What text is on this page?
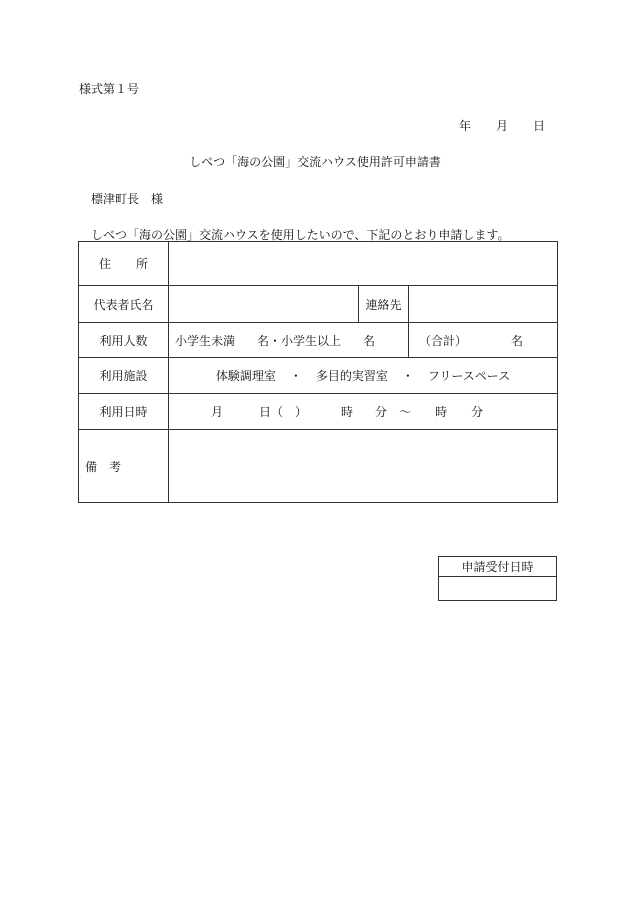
様式第１号
年 月 日
しべつ「海の公園」交流ハウス使用許可申請書
標津町長　様
しべつ「海の公園」交流ハウスを使用したいので、下記のとおり申請します。
住 所			

代表者氏名		連絡先	
利用人数	小学生未満 名・小学生以上 名		（合計） 名
利用施設	体験調理室 ・ 多目的実習室 ・ フリースペース		
利用日時	月 日（　） 時 分 ～ 時 分		
備　考			
申請受付日時
